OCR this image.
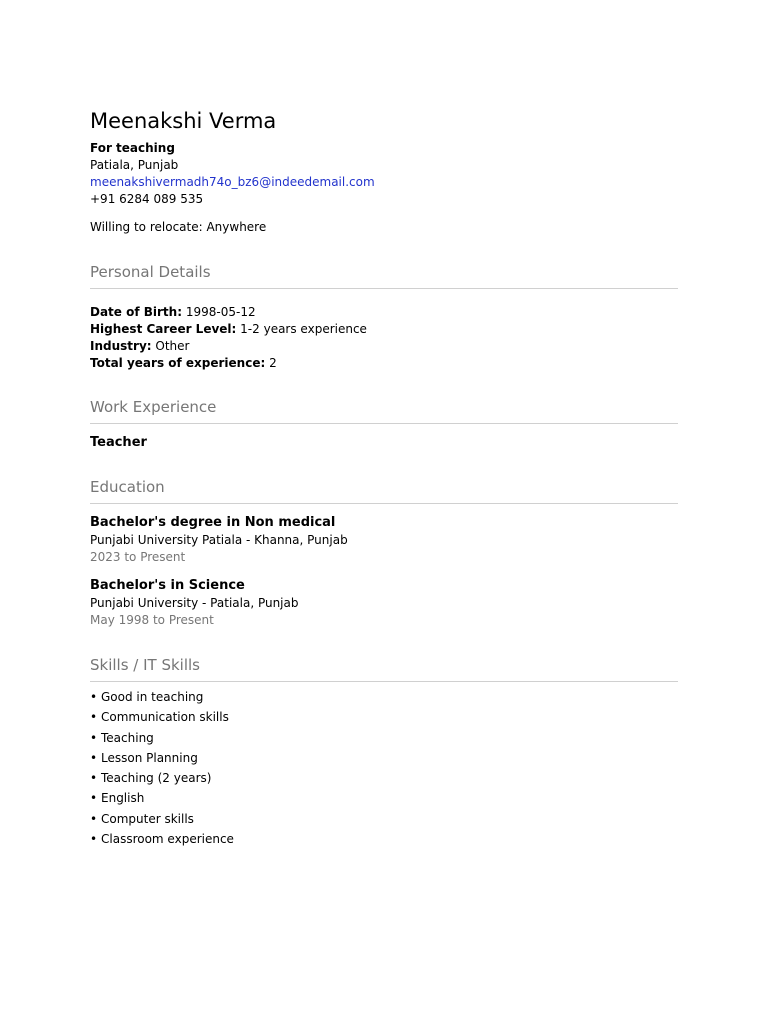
Meenakshi Verma
For teaching
Patiala, Punjab
meenakshivermadh74o_bz6@indeedemail.com
+91 6284 089 535
Willing to relocate: Anywhere
Personal Details
Date of Birth: 1998-05-12
Highest Career Level: 1-2 years experience
Industry: Other
Total years of experience: 2
Work Experience
Teacher
Education
Bachelor's degree in Non medical
Punjabi University Patiala - Khanna, Punjab
2023 to Present
Bachelor's in Science
Punjabi University - Patiala, Punjab
May 1998 to Present
Skills / IT Skills
• Good in teaching
• Communication skills
• Teaching
• Lesson Planning
• Teaching (2 years)
• English
• Computer skills
• Classroom experience
